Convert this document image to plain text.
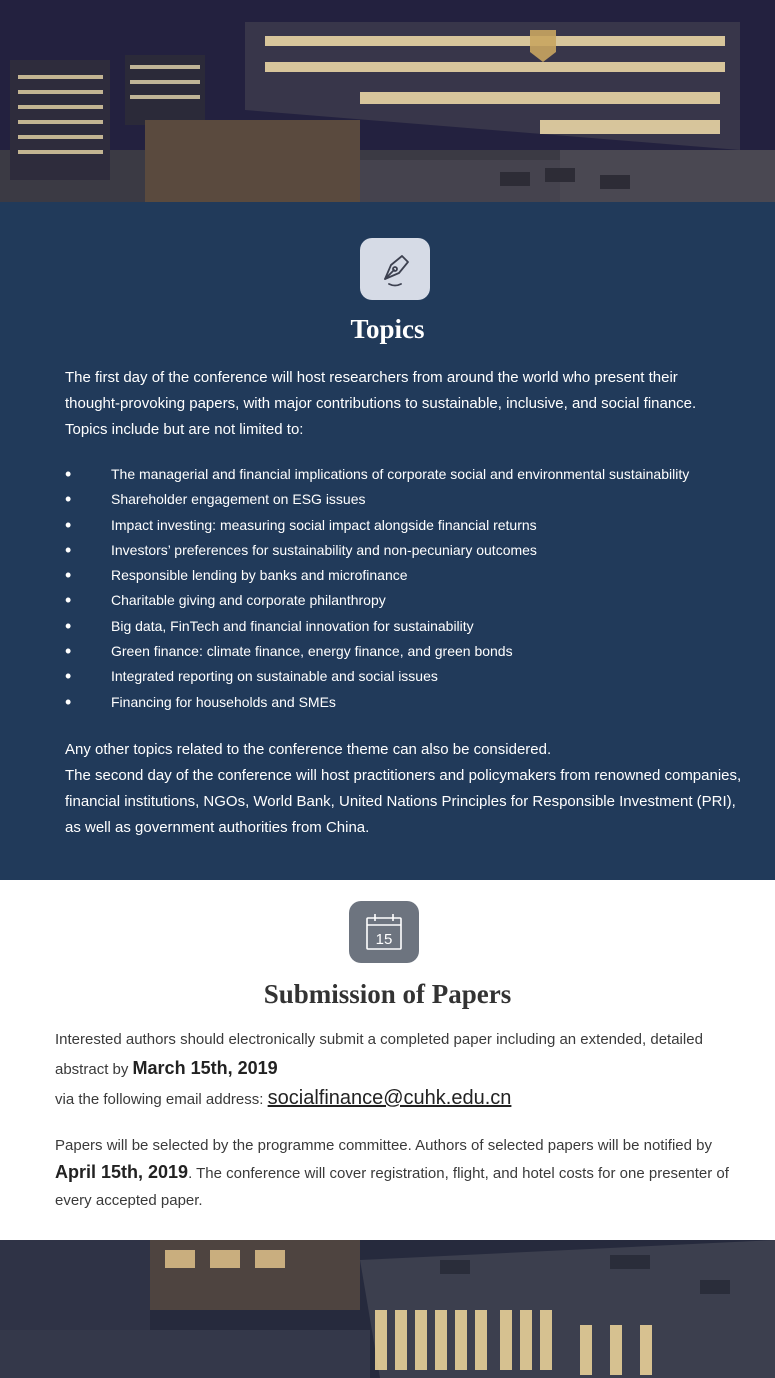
Topics

The first day of the conference will host researchers from around the world who present their thought-provoking papers, with major contributions to sustainable, inclusive, and social finance. Topics include but are not limited to:

• The managerial and financial implications of corporate social and environmental sustainability
• Shareholder engagement on ESG issues
• Impact investing: measuring social impact alongside financial returns
• Investors’ preferences for sustainability and non-pecuniary outcomes
• Responsible lending by banks and microfinance
• Charitable giving and corporate philanthropy
• Big data, FinTech and financial innovation for sustainability
• Green finance: climate finance, energy finance, and green bonds
• Integrated reporting on sustainable and social issues
• Financing for households and SMEs
Any other topics related to the conference theme can also be considered.
The second day of the conference will host practitioners and policymakers from renowned companies, financial institutions, NGOs, World Bank, United Nations Principles for Responsible Investment (PRI), as well as government authorities from China.
15
Submission of Papers

Interested authors should electronically submit a completed paper including an extended, detailed abstract by March 15th, 2019
via the following email address: socialfinance@cuhk.edu.cn

Papers will be selected by the programme committee. Authors of selected papers will be notified by April 15th, 2019. The conference will cover registration, flight, and hotel costs for one presenter of every accepted paper.
